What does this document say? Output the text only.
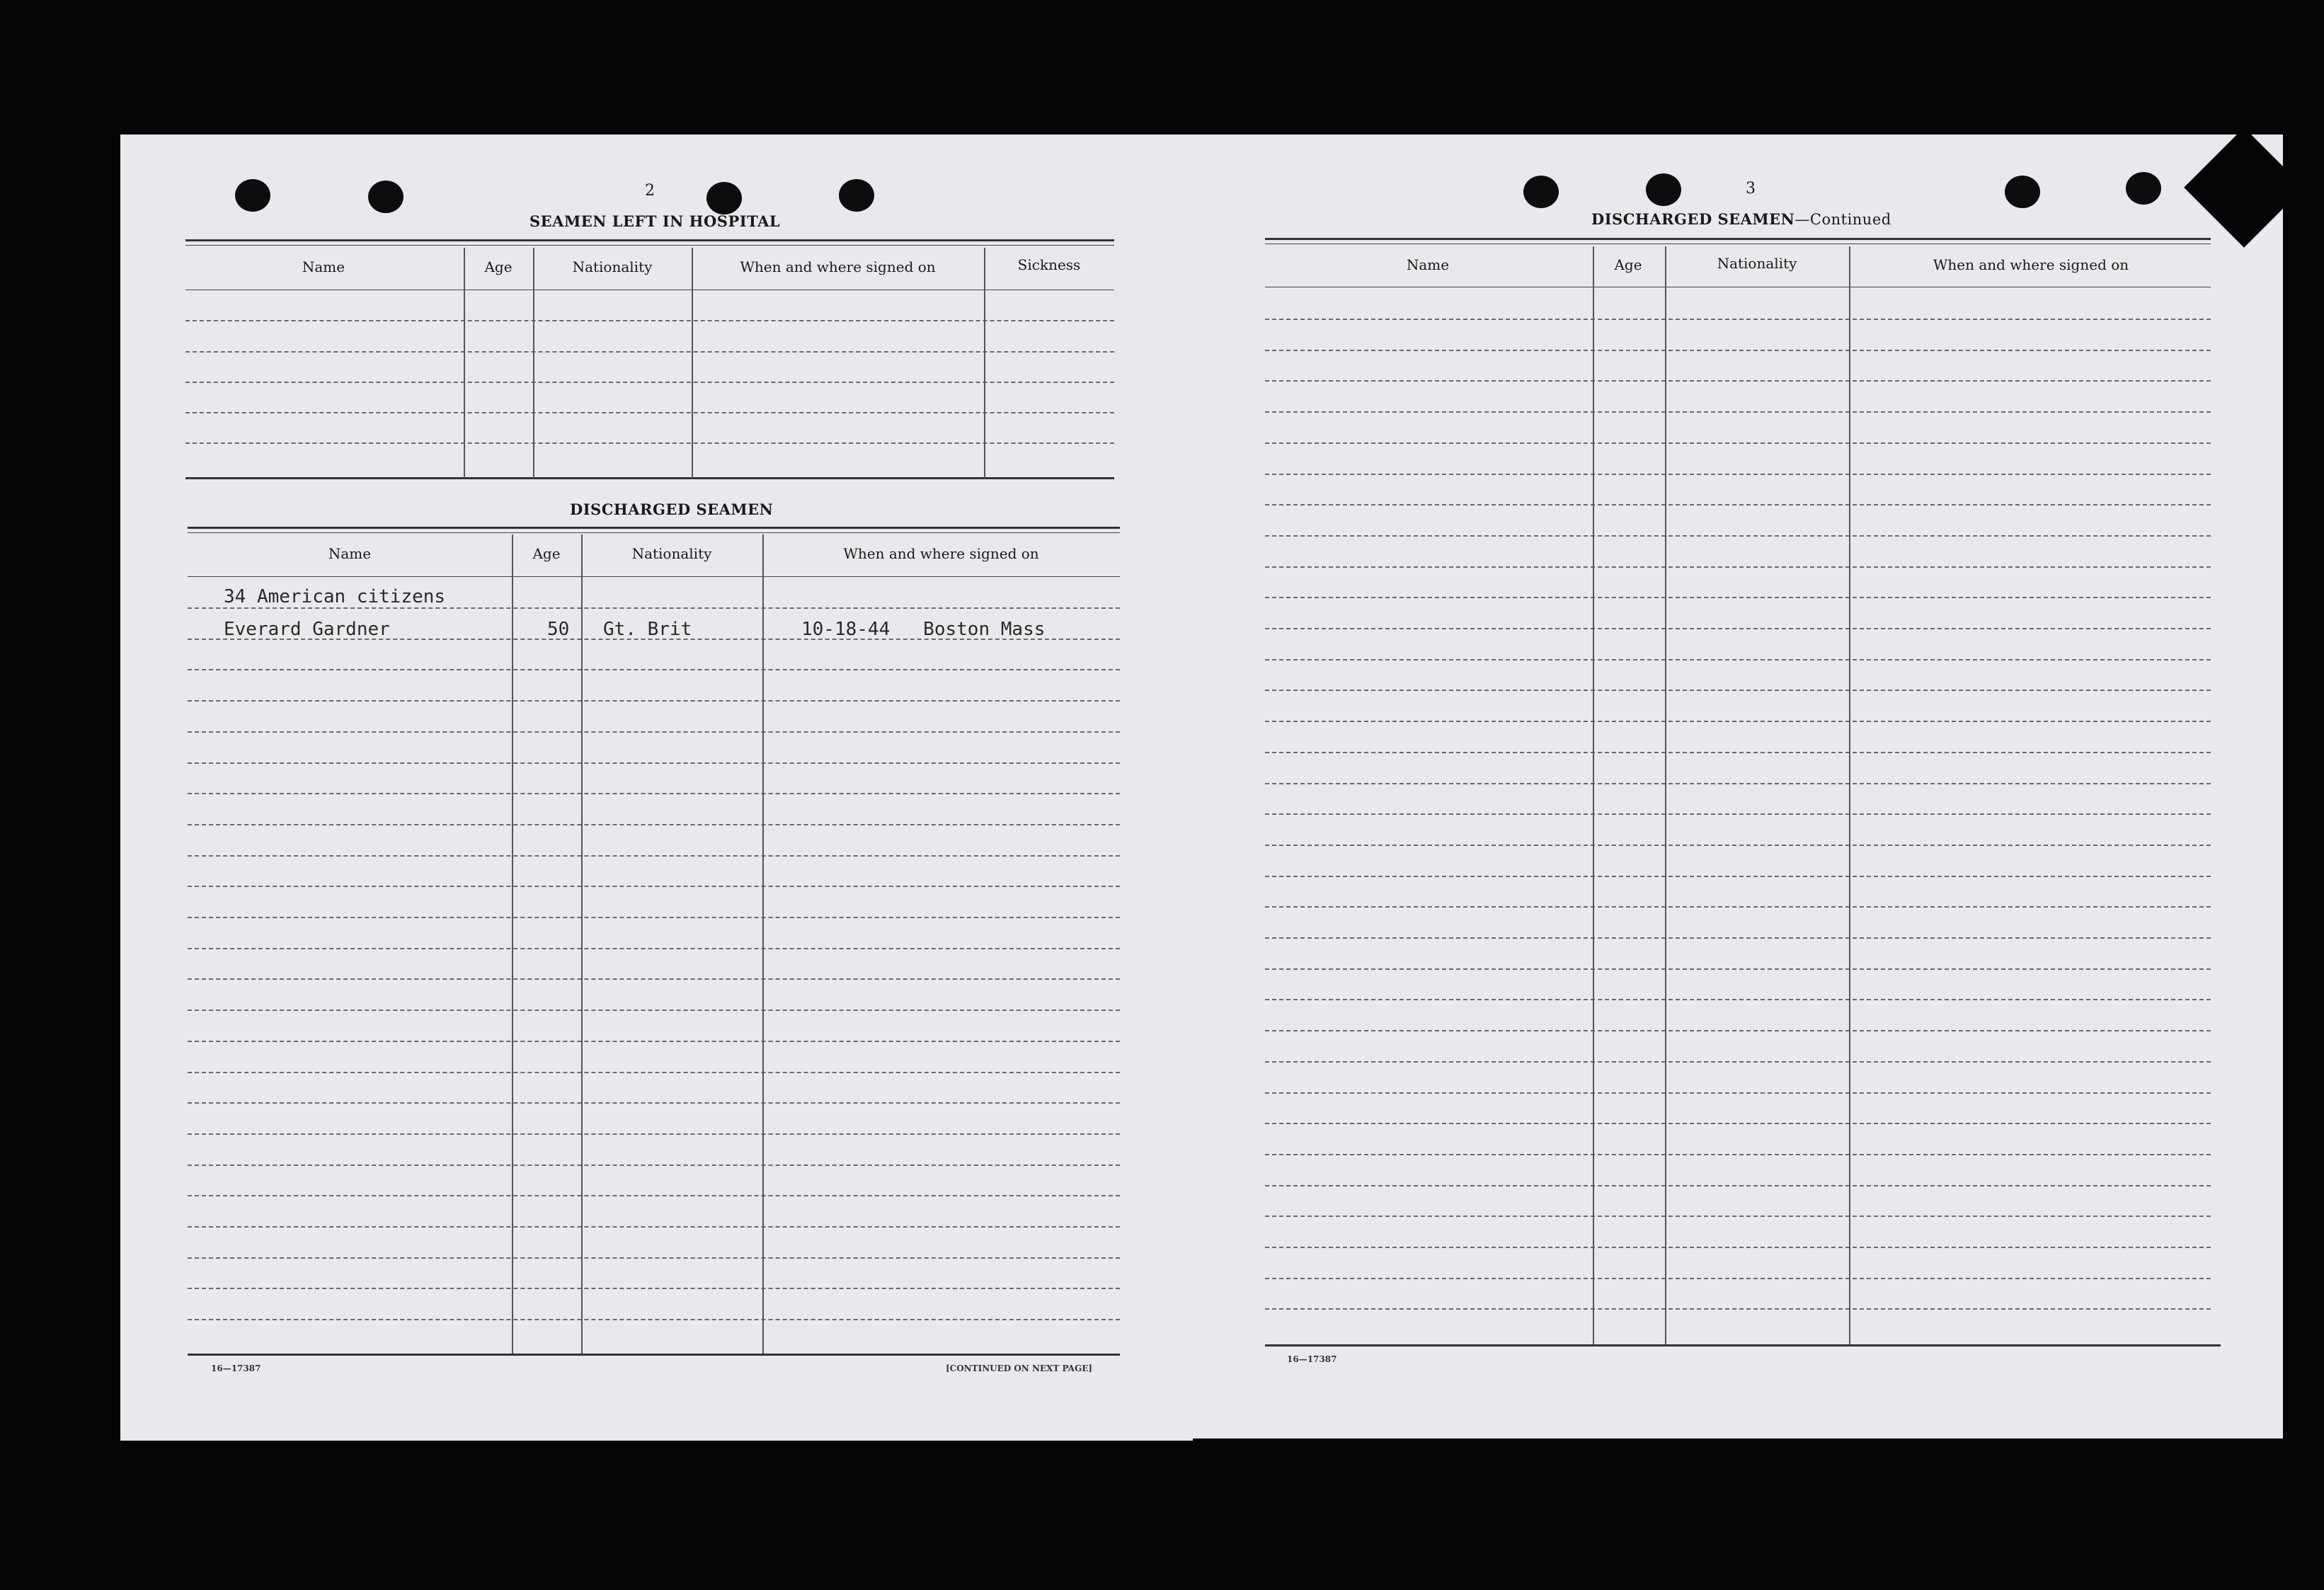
2
SEAMEN LEFT IN HOSPITAL
Name	Age	Nationality	When and where signed on	Sickness
DISCHARGED SEAMEN
Name	Age	Nationality	When and where signed on
34 American citizens
Everard Gardner	50 Gt. Brit	10-18-44   Boston Mass
16—17387	[CONTINUED ON NEXT PAGE]
3
DISCHARGED SEAMEN—Continued
Name	Age	Nationality	When and where signed on
16—17387
